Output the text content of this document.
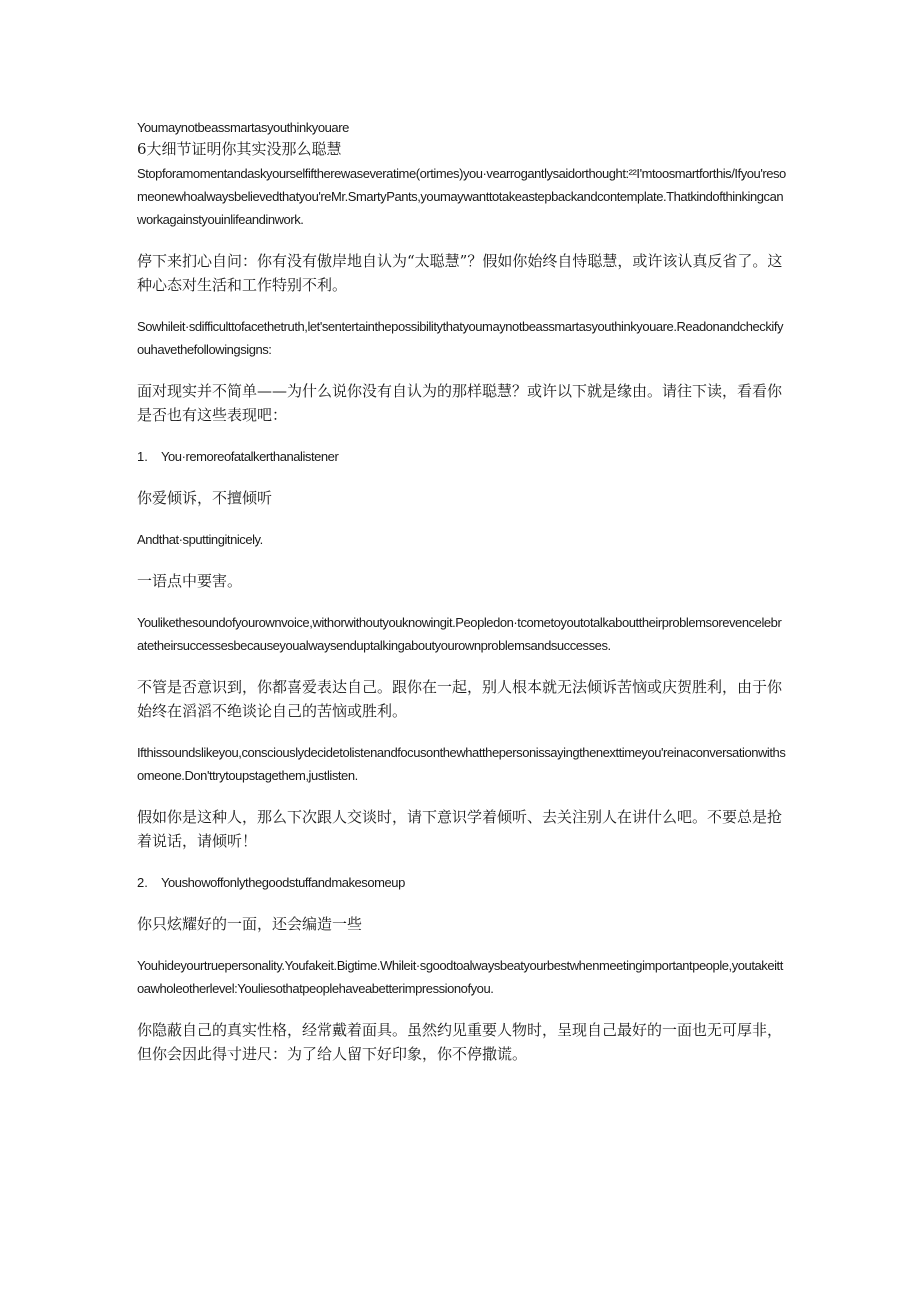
Youmaynotbeassmartasyouthinkyouare

6大细节证明你其实没那么聪慧

Stopforamomentandaskyourselfiftherewaseveratime(ortimes)you·vearrogantlysaidorthought:²²I'mtoosmartforthis/Ifyou'resomeonewhoalwaysbelievedthatyou'reMr.SmartyPants,youmaywanttotakeastepbackandcontemplate.Thatkindofthinkingcanworkagainstyouinlifeandinwork.

停下来扪心自问：你有没有傲岸地自认为“太聪慧”？假如你始终自恃聪慧，或许该认真反省了。这种心态对生活和工作特别不利。

Sowhileit·sdifficulttofacethetruth,let'sentertainthepossibilitythatyoumaynotbeassmartasyouthinkyouare.Readonandcheckifyouhavethefollowingsigns:

面对现实并不简单——为什么说你没有自认为的那样聪慧？或许以下就是缘由。请往下读，看看你是否也有这些表现吧：

1. You·remoreofatalkerthanalistener

你爱倾诉，不擅倾听

Andthat·sputtingitnicely.

一语点中要害。

Youlikethesoundofyourownvoice,withorwithoutyouknowingit.Peopledon·tcometoyoutotalkabouttheirproblemsorevencelebratetheirsuccessesbecauseyoualwaysenduptalkingaboutyourownproblemsandsuccesses.

不管是否意识到，你都喜爱表达自己。跟你在一起，别人根本就无法倾诉苦恼或庆贺胜利，由于你始终在滔滔不绝谈论自己的苦恼或胜利。

Ifthissoundslikeyou,consciouslydecidetolistenandfocusonthewhatthepersonissayingthenexttimeyou'reinaconversationwithsomeone.Don'ttrytoupstagethem,justlisten.

假如你是这种人，那么下次跟人交谈时，请下意识学着倾听、去关注别人在讲什么吧。不要总是抢着说话，请倾听！

2. Youshowoffonlythegoodstuffandmakesomeup

你只炫耀好的一面，还会编造一些

Youhideyourtruepersonality.Youfakeit.Bigtime.Whileit·sgoodtoalwaysbeatyourbestwhenmeetingimportantpeople,youtakeittoawholeotherlevel:Youliesothatpeoplehaveabetterimpressionofyou.

你隐蔽自己的真实性格，经常戴着面具。虽然约见重要人物时，呈现自己最好的一面也无可厚非，但你会因此得寸进尺：为了给人留下好印象，你不停撒谎。
